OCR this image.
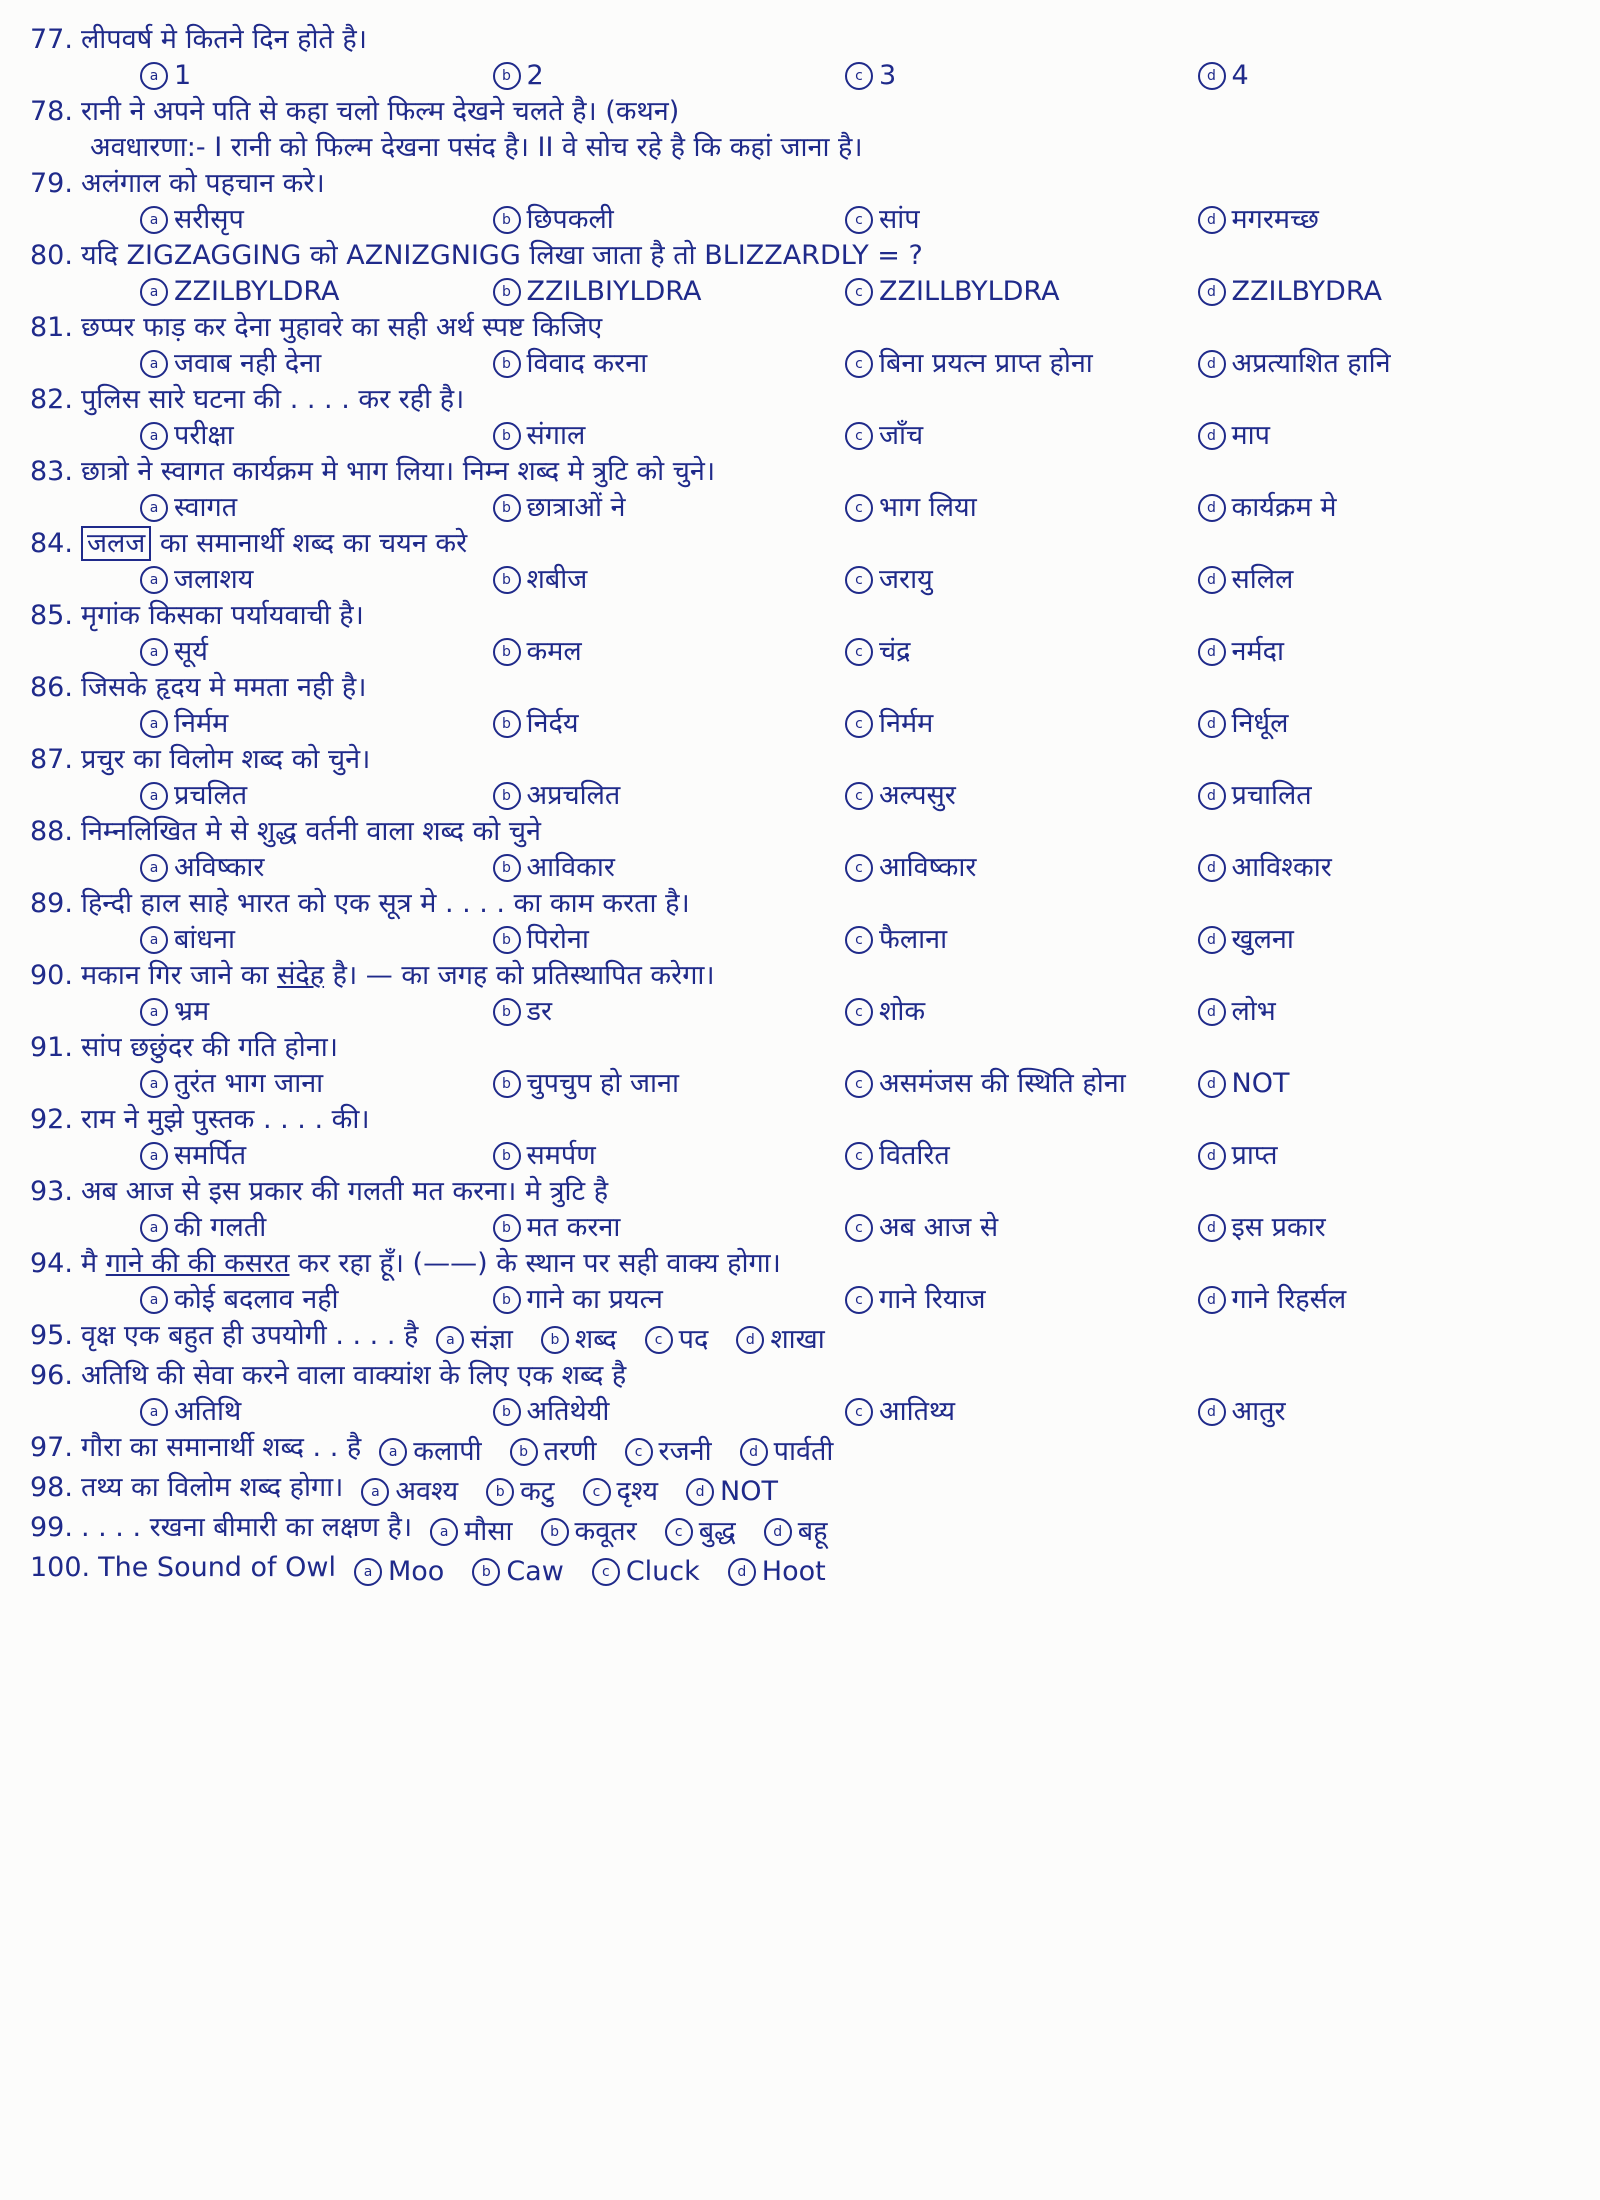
77. लीपवर्ष मे कितने दिन होते है।
a 1	b 2	c 3	d 4
78. रानी ने अपने पति से कहा चलो फिल्म देखने चलते है। (कथन)
अवधारणा:- I रानी को फिल्म देखना पसंद है। II वे सोच रहे है कि कहां जाना है।
79. अलंगाल को पहचान करे।
a सरीसृप	b छिपकली	c सांप	d मगरमच्छ
80. यदि ZIGZAGGING को AZNIZGNIGG लिखा जाता है तो BLIZZARDLY = ?
a ZZILBYLDRA	b ZZILBIYLDRA	c ZZILLBYLDRA	d ZZILBYDRA
81. छप्पर फाड़ कर देना मुहावरे का सही अर्थ स्पष्ट किजिए
a जवाब नही देना	b विवाद करना	c बिना प्रयत्न प्राप्त होना	d अप्रत्याशित हानि
82. पुलिस सारे घटना की . . . . कर रही है।
a परीक्षा	b संगाल	c जाँच	d माप
83. छात्रो ने स्वागत कार्यक्रम मे भाग लिया। निम्न शब्द मे त्रुटि को चुने।
a स्वागत	b छात्राओं ने	c भाग लिया	d कार्यक्रम मे
84. जलज का समानार्थी शब्द का चयन करे
a जलाशय	b शबीज	c जरायु	d सलिल
85. मृगांक किसका पर्यायवाची है।
a सूर्य	b कमल	c चंद्र	d नर्मदा
86. जिसके हृदय मे ममता नही है।
a निर्मम	b निर्दय	c निर्मम	d निर्धूल
87. प्रचुर का विलोम शब्द को चुने।
a प्रचलित	b अप्रचलित	c अल्पसुर	d प्रचालित
88. निम्नलिखित मे से शुद्ध वर्तनी वाला शब्द को चुने
a अविष्कार	b आविकार	c आविष्कार	d आविश्कार
89. हिन्दी हाल साहे भारत को एक सूत्र मे . . . . का काम करता है।
a बांधना	b पिरोना	c फैलाना	d खुलना
90. मकान गिर जाने का संदेह है। — का जगह को प्रतिस्थापित करेगा।
a भ्रम	b डर	c शोक	d लोभ
91. सांप छछुंदर की गति होना।
a तुरंत भाग जाना	b चुपचुप हो जाना	c असमंजस की स्थिति होना	d NOT
92. राम ने मुझे पुस्तक . . . . की।
a समर्पित	b समर्पण	c वितरित	d प्राप्त
93. अब आज से इस प्रकार की गलती मत करना। मे त्रुटि है
a की गलती	b मत करना	c अब आज से	d इस प्रकार
94. मै गाने की की कसरत कर रहा हूँ। (——) के स्थान पर सही वाक्य होगा।
a कोई बदलाव नही	b गाने का प्रयत्न	c गाने रियाज	d गाने रिहर्सल
95. वृक्ष एक बहुत ही उपयोगी . . . . है	a संज्ञा	b शब्द	c पद	d शाखा
96. अतिथि की सेवा करने वाला वाक्यांश के लिए एक शब्द है
a अतिथि	b अतिथेयी	c आतिथ्य	d आतुर
97. गौरा का समानार्थी शब्द . . है	a कलापी	b तरणी	c रजनी	d पार्वती
98. तथ्य का विलोम शब्द होगा।	a अवश्य	b कटु	c दृश्य	d NOT
99. . . . . रखना बीमारी का लक्षण है।	a मौसा	b कवूतर	c बुद्ध	d बहू
100. The Sound of Owl	a Moo	b Caw	c Cluck	d Hoot
